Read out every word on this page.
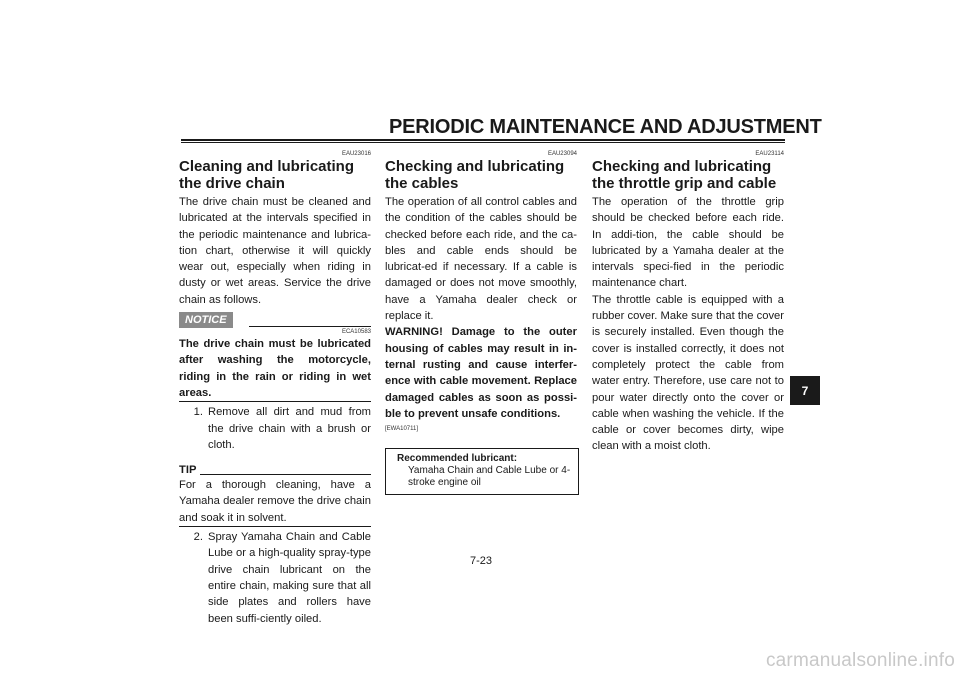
PERIODIC MAINTENANCE AND ADJUSTMENT
EAU23016
Cleaning and lubricating the drive chain

The drive chain must be cleaned and lubricated at the intervals specified in the periodic maintenance and lubrica-tion chart, otherwise it will quickly wear out, especially when riding in dusty or wet areas. Service the drive chain as follows.

NOTICE
ECA10583

The drive chain must be lubricated after washing the motorcycle, riding in the rain or riding in wet areas.

1. Remove all dirt and mud from the drive chain with a brush or cloth.
TIP

For a thorough cleaning, have a Yamaha dealer remove the drive chain and soak it in solvent.

2. Spray Yamaha Chain and Cable Lube or a high-quality spray-type drive chain lubricant on the entire chain, making sure that all side plates and rollers have been suffi-ciently oiled.
EAU23094
Checking and lubricating the cables

The operation of all control cables and the condition of the cables should be checked before each ride, and the ca-bles and cable ends should be lubricat-ed if necessary. If a cable is damaged or does not move smoothly, have a Yamaha dealer check or replace it.

WARNING! Damage to the outer housing of cables may result in in-ternal rusting and cause interfer-ence with cable movement. Replace damaged cables as soon as possi-ble to prevent unsafe conditions.

[EWA10711]
Recommended lubricant:
Yamaha Chain and Cable Lube or 4-stroke engine oil
EAU23114
Checking and lubricating the throttle grip and cable

The operation of the throttle grip should be checked before each ride. In addi-tion, the cable should be lubricated by a Yamaha dealer at the intervals speci-fied in the periodic maintenance chart.

The throttle cable is equipped with a rubber cover. Make sure that the cover is securely installed. Even though the cover is installed correctly, it does not completely protect the cable from water entry. Therefore, use care not to pour water directly onto the cover or cable when washing the vehicle. If the cable or cover becomes dirty, wipe clean with a moist cloth.

7
7-23
carmanualsonline.info
